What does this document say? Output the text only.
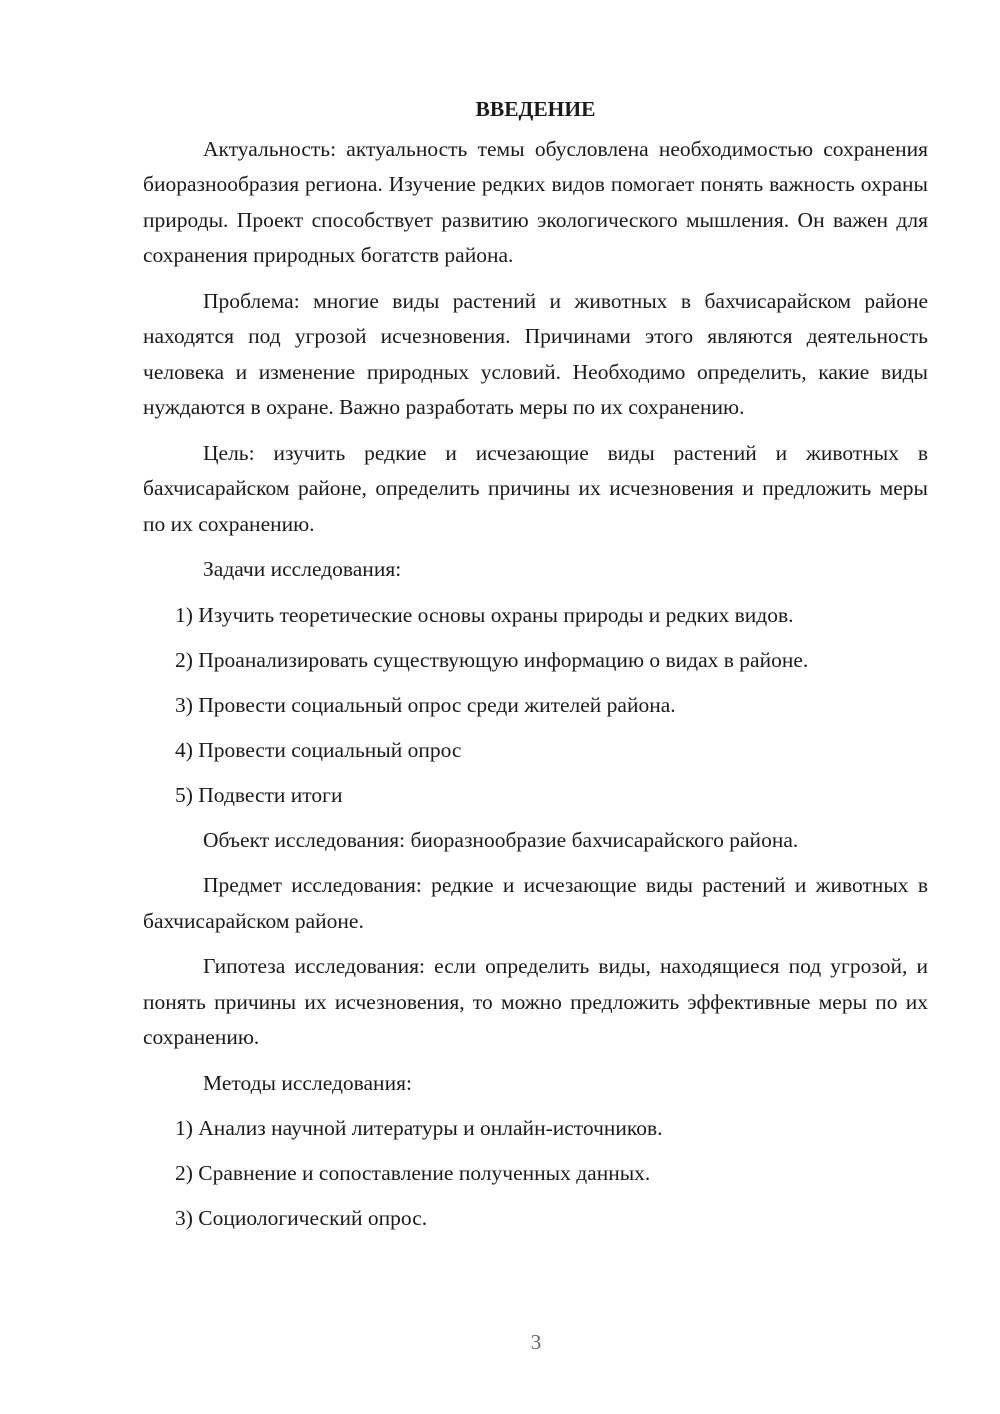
ВВЕДЕНИЕ

Актуальность: актуальность темы обусловлена необходимостью сохранения биоразнообразия региона. Изучение редких видов помогает понять важность охраны природы. Проект способствует развитию экологического мышления. Он важен для сохранения природных богатств района.

Проблема: многие виды растений и животных в бахчисарайском районе находятся под угрозой исчезновения. Причинами этого являются деятельность человека и изменение природных условий. Необходимо определить, какие виды нуждаются в охране. Важно разработать меры по их сохранению.

Цель: изучить редкие и исчезающие виды растений и животных в бахчисарайском районе, определить причины их исчезновения и предложить меры по их сохранению.

Задачи исследования:

1) Изучить теоретические основы охраны природы и редких видов.
2) Проанализировать существующую информацию о видах в районе.
3) Провести социальный опрос среди жителей района.
4) Провести социальный опрос
5) Подвести итоги

Объект исследования: биоразнообразие бахчисарайского района.

Предмет исследования: редкие и исчезающие виды растений и животных в бахчисарайском районе.

Гипотеза исследования: если определить виды, находящиеся под угрозой, и понять причины их исчезновения, то можно предложить эффективные меры по их сохранению.

Методы исследования:

1) Анализ научной литературы и онлайн-источников.
2) Сравнение и сопоставление полученных данных.
3) Социологический опрос.
3
